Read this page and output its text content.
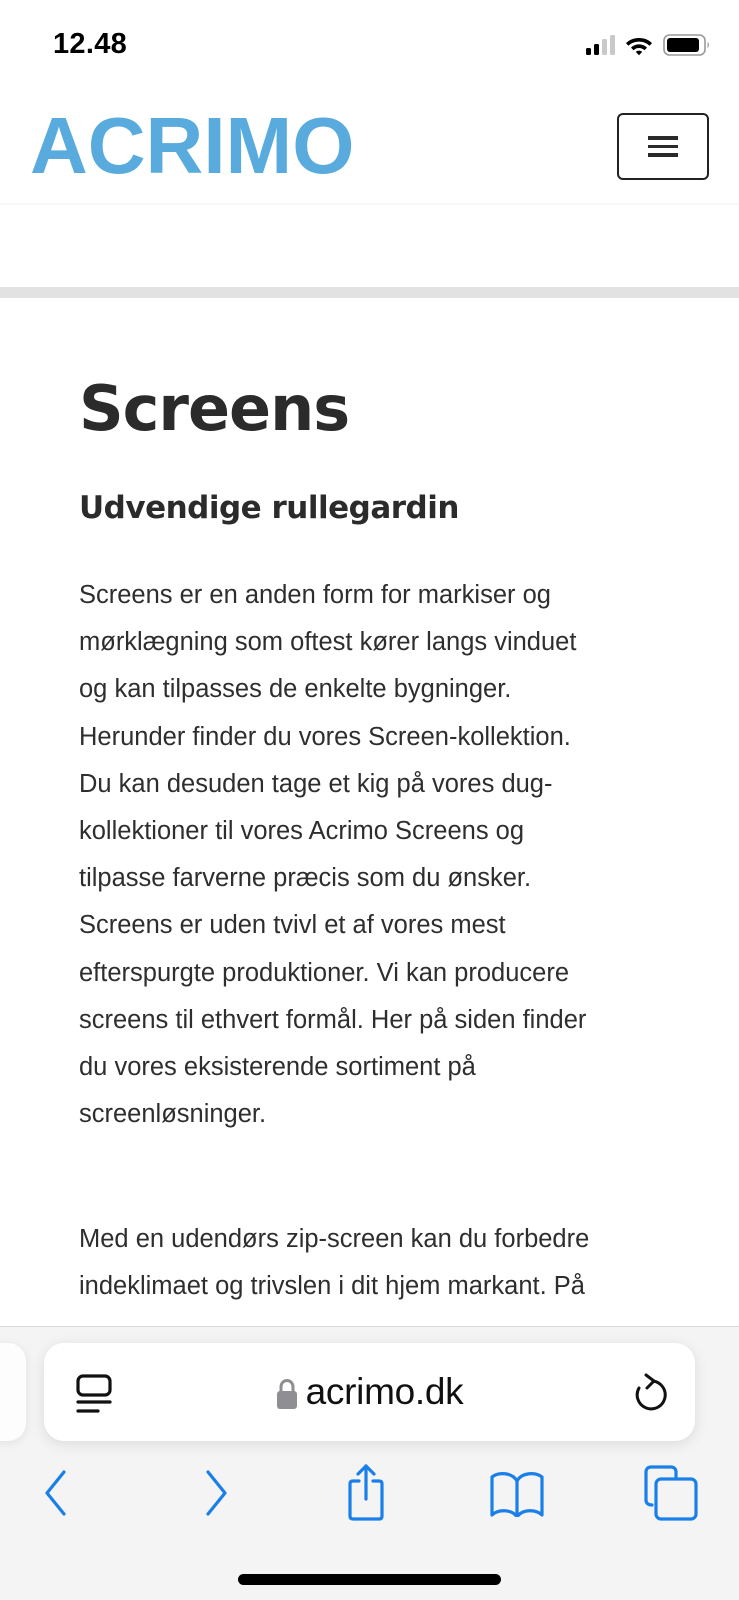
12.48
ACRIMO
Screens
Udvendige rullegardin

Screens er en anden form for markiser og
mørklægning som oftest kører langs vinduet
og kan tilpasses de enkelte bygninger.
Herunder finder du vores Screen-kollektion.
Du kan desuden tage et kig på vores dug-
kollektioner til vores Acrimo Screens og
tilpasse farverne præcis som du ønsker.
Screens er uden tvivl et af vores mest
efterspurgte produktioner. Vi kan producere
screens til ethvert formål. Her på siden finder
du vores eksisterende sortiment på
screenløsninger.

Med en udendørs zip-screen kan du forbedre
indeklimaet og trivslen i dit hjem markant. På

acrimo.dk
